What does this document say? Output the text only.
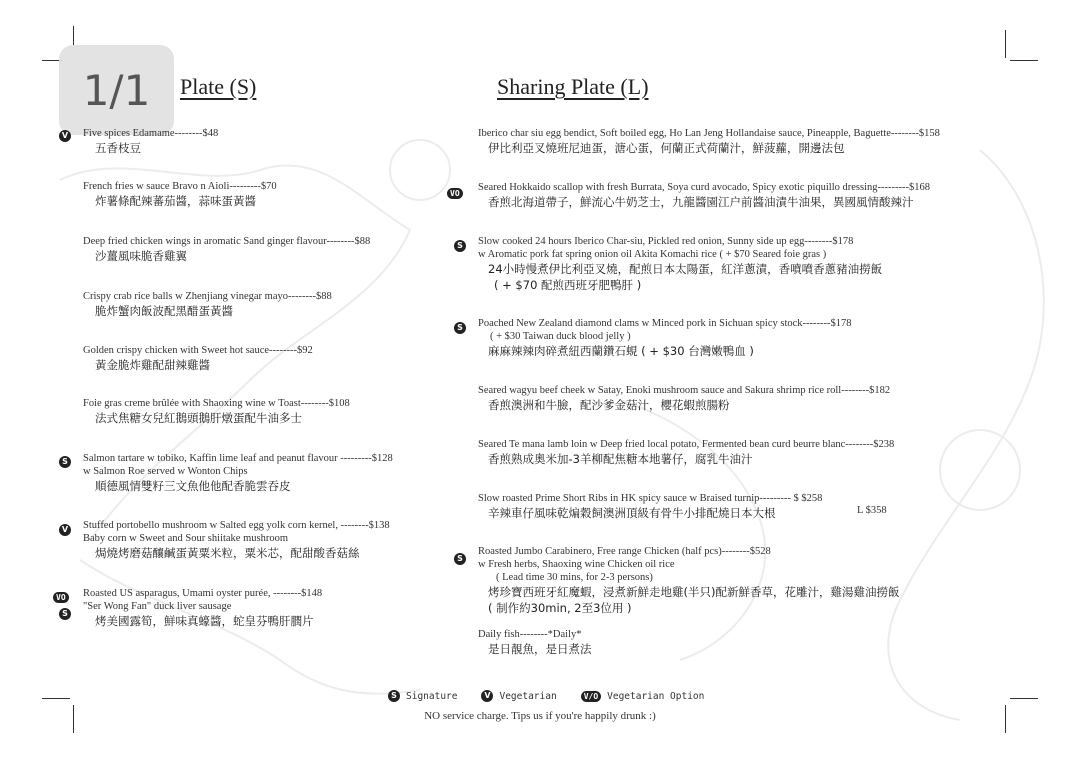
Plate (S)	Sharing Plate (L)
1/1
V Five spices Edamame--------$48
五香枝豆
French fries w sauce Bravo n Aioli---------$70
炸薯條配辣蕃茄醬，蒜味蛋黃醬
Deep fried chicken wings in aromatic Sand ginger flavour--------$88
沙薑風味脆香雞翼
Crispy crab rice balls w Zhenjiang vinegar mayo--------$88
脆炸蟹肉飯波配黑醋蛋黃醬
Golden crispy chicken with Sweet hot sauce--------$92
黃金脆炸雞配甜辣雞醬
Foie gras creme brûlée with Shaoxing wine w Toast--------$108
法式焦糖女兒紅鵝頭鵝肝燉蛋配牛油多士
S Salmon tartare w tobiko, Kaffin lime leaf and peanut flavour ---------$128
w Salmon Roe served w Wonton Chips
順德風情雙籽三文魚他他配香脆雲吞皮
V Stuffed portobello mushroom w Salted egg yolk corn kernel, --------$138
Baby corn w Sweet and Sour shiitake mushroom
焗燒烤磨菇釀鹹蛋黃粟米粒，粟米芯，配甜酸香菇絲
VO
S
Roasted US asparagus, Umami oyster purée, --------$148
"Ser Wong Fan" duck liver sausage
烤美國露筍，鮮味真蠔醬，蛇皇芬鴨肝膶片
Iberico char siu egg bendict, Soft boiled egg, Ho Lan Jeng Hollandaise sauce, Pineapple, Baguette--------$158
伊比利亞叉燒班尼迪蛋，溏心蛋，何蘭正式荷蘭汁，鮮菠蘿，開邊法包
VO
Seared Hokkaido scallop with fresh Burrata, Soya curd avocado, Spicy exotic piquillo dressing---------$168
香煎北海道帶子，鮮流心牛奶芝士，九龍醬園江户前醬油漬牛油果，異國風情酸辣汁
S Slow cooked 24 hours Iberico Char-siu, Pickled red onion, Sunny side up egg--------$178
w Aromatic pork fat spring onion oil Akita Komachi rice ( + $70 Seared foie gras )
24小時慢煮伊比利亞叉燒，配煎日本太陽蛋，紅洋蔥漬，香噴噴香蔥豬油撈飯
( + $70 配煎西班牙肥鴨肝 )
S Poached New Zealand diamond clams w Minced pork in Sichuan spicy stock--------$178
( + $30 Taiwan duck blood jelly )
麻麻辣辣肉碎煮紐西蘭鑽石蜆 ( + $30 台灣嫩鴨血 )
Seared wagyu beef cheek w Satay, Enoki mushroom sauce and Sakura shrimp rice roll--------$182
香煎澳洲和牛臉，配沙爹金菇汁，櫻花蝦煎腸粉
Seared Te mana lamb loin w Deep fried local potato, Fermented bean curd beurre blanc--------$238
香煎熟成奧米加-3羊柳配焦糖本地薯仔，腐乳牛油汁
Slow roasted Prime Short Ribs in HK spicy sauce w Braised turnip--------- $ $258
辛辣車仔風味乾煸穀飼澳洲頂級有骨牛小排配燒日本大根	L $358
S
Roasted Jumbo Carabinero, Free range Chicken (half pcs)--------$528
w Fresh herbs, Shaoxing wine Chicken oil rice
( Lead time 30 mins, for 2-3 persons)
烤珍寶西班牙紅魔蝦，浸煮新鮮走地雞(半只)配新鮮香草，花雕汁，雞湯雞油撈飯
( 制作約30min, 2至3位用 )
Daily fish--------*Daily*
是日靚魚，是日煮法
S Signature	V Vegetarian	V/O Vegetarian Option
NO service charge. Tips us if you're happily drunk :)
